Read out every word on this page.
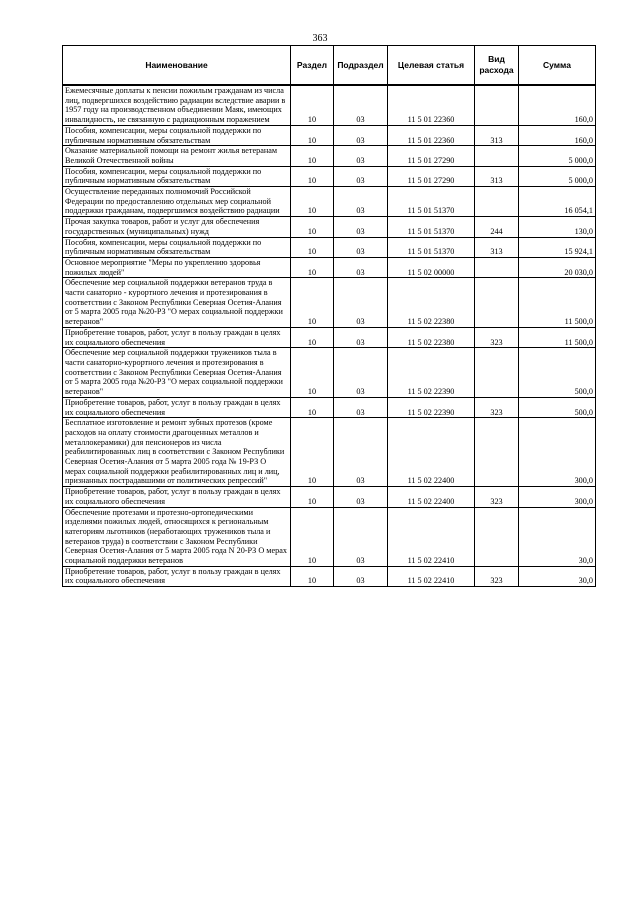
363
Наименование	Раздел	Подраздел	Целевая статья	Вид расхода	Сумма
Ежемесячные доплаты к пенсии пожилым гражданам из числа лиц, подвергшихся воздействию радиации вследствие аварии в 1957 году на производственном объединении Маяк, имеющих инвалидность, не связанную с радиационным поражением	10	03	11 5 01 22360		160,0
Пособия, компенсации, меры социальной поддержки по публичным нормативным обязательствам	10	03	11 5 01 22360	313	160,0
Оказание материальной помощи на ремонт жилья ветеранам Великой Отечественной войны	10	03	11 5 01 27290		5 000,0
Пособия, компенсации, меры социальной поддержки по публичным нормативным обязательствам	10	03	11 5 01 27290	313	5 000,0
Осуществление переданных полномочий Российской Федерации по предоставлению отдельных мер социальной поддержки гражданам, подвергшимся воздействию радиации	10	03	11 5 01 51370		16 054,1
Прочая закупка товаров, работ и услуг для обеспечения государственных (муниципальных) нужд	10	03	11 5 01 51370	244	130,0
Пособия, компенсации, меры социальной поддержки по публичным нормативным обязательствам	10	03	11 5 01 51370	313	15 924,1
Основное мероприятие "Меры по укреплению здоровья пожилых людей"	10	03	11 5 02 00000		20 030,0
Обеспечение мер социальной поддержки ветеранов труда в части санаторно - курортного лечения и протезирования в соответствии с Законом Республики Северная Осетия-Алания от 5 марта 2005 года №20-РЗ "О мерах социальной поддержки ветеранов"	10	03	11 5 02 22380		11 500,0
Приобретение товаров, работ, услуг в пользу граждан в целях их социального обеспечения	10	03	11 5 02 22380	323	11 500,0
Обеспечение мер социальной поддержки тружеников тыла в части санаторно-курортного лечения и протезирования в соответствии с Законом Республики Северная Осетия-Алания от 5 марта 2005 года №20-РЗ "О мерах социальной поддержки ветеранов"	10	03	11 5 02 22390		500,0
Приобретение товаров, работ, услуг в пользу граждан в целях их социального обеспечения	10	03	11 5 02 22390	323	500,0
Бесплатное изготовление и ремонт зубных протезов (кроме расходов на оплату стоимости драгоценных металлов и металлокерамики) для пенсионеров из числа реабилитированных лиц в соответствии с Законом Республики Северная Осетия-Алания от 5 марта 2005 года № 19-РЗ О мерах социальной поддержки реабилитированных лиц и лиц, признанных пострадавшими от политических репрессий"	10	03	11 5 02 22400		300,0
Приобретение товаров, работ, услуг в пользу граждан в целях их социального обеспечения	10	03	11 5 02 22400	323	300,0
Обеспечение протезами и протезно-ортопедическими изделиями пожилых людей, относящихся к региональным категориям льготников (неработающих тружеников тыла и ветеранов труда) в соответствии с Законом Республики Северная Осетия-Алания от 5 марта 2005 года N 20-РЗ О мерах социальной поддержки ветеранов	10	03	11 5 02 22410		30,0
Приобретение товаров, работ, услуг в пользу граждан в целях их социального обеспечения	10	03	11 5 02 22410	323	30,0
